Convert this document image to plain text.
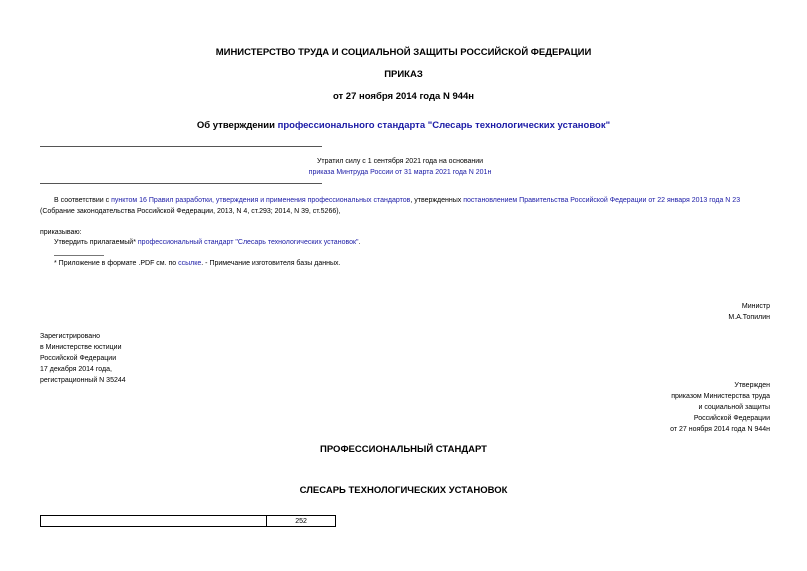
МИНИСТЕРСТВО ТРУДА И СОЦИАЛЬНОЙ ЗАЩИТЫ РОССИЙСКОЙ ФЕДЕРАЦИИ
ПРИКАЗ
от 27 ноября 2014 года N 944н
Об утверждении профессионального стандарта "Слесарь технологических установок"
Утратил силу с 1 сентября 2021 года на основании
приказа Минтруда России от 31 марта 2021 года N 201н
В соответствии с пунктом 16 Правил разработки, утверждения и применения профессиональных стандартов, утвержденных постановлением Правительства Российской Федерации от 22 января 2013 года N 23
(Собрание законодательства Российской Федерации, 2013, N 4, ст.293; 2014, N 39, ст.5266),
приказываю:
Утвердить прилагаемый* профессиональный стандарт "Слесарь технологических установок".
* Приложение в формате .PDF см. по ссылке. - Примечание изготовителя базы данных.
Министр
М.А.Топилин
Зарегистрировано
в Министерстве юстиции
Российской Федерации
17 декабря 2014 года,
регистрационный N 35244
Утвержден
приказом Министерства труда
и социальной защиты
Российской Федерации
от 27 ноября 2014 года N 944н
ПРОФЕССИОНАЛЬНЫЙ СТАНДАРТ
СЛЕСАРЬ ТЕХНОЛОГИЧЕСКИХ УСТАНОВОК
	252
